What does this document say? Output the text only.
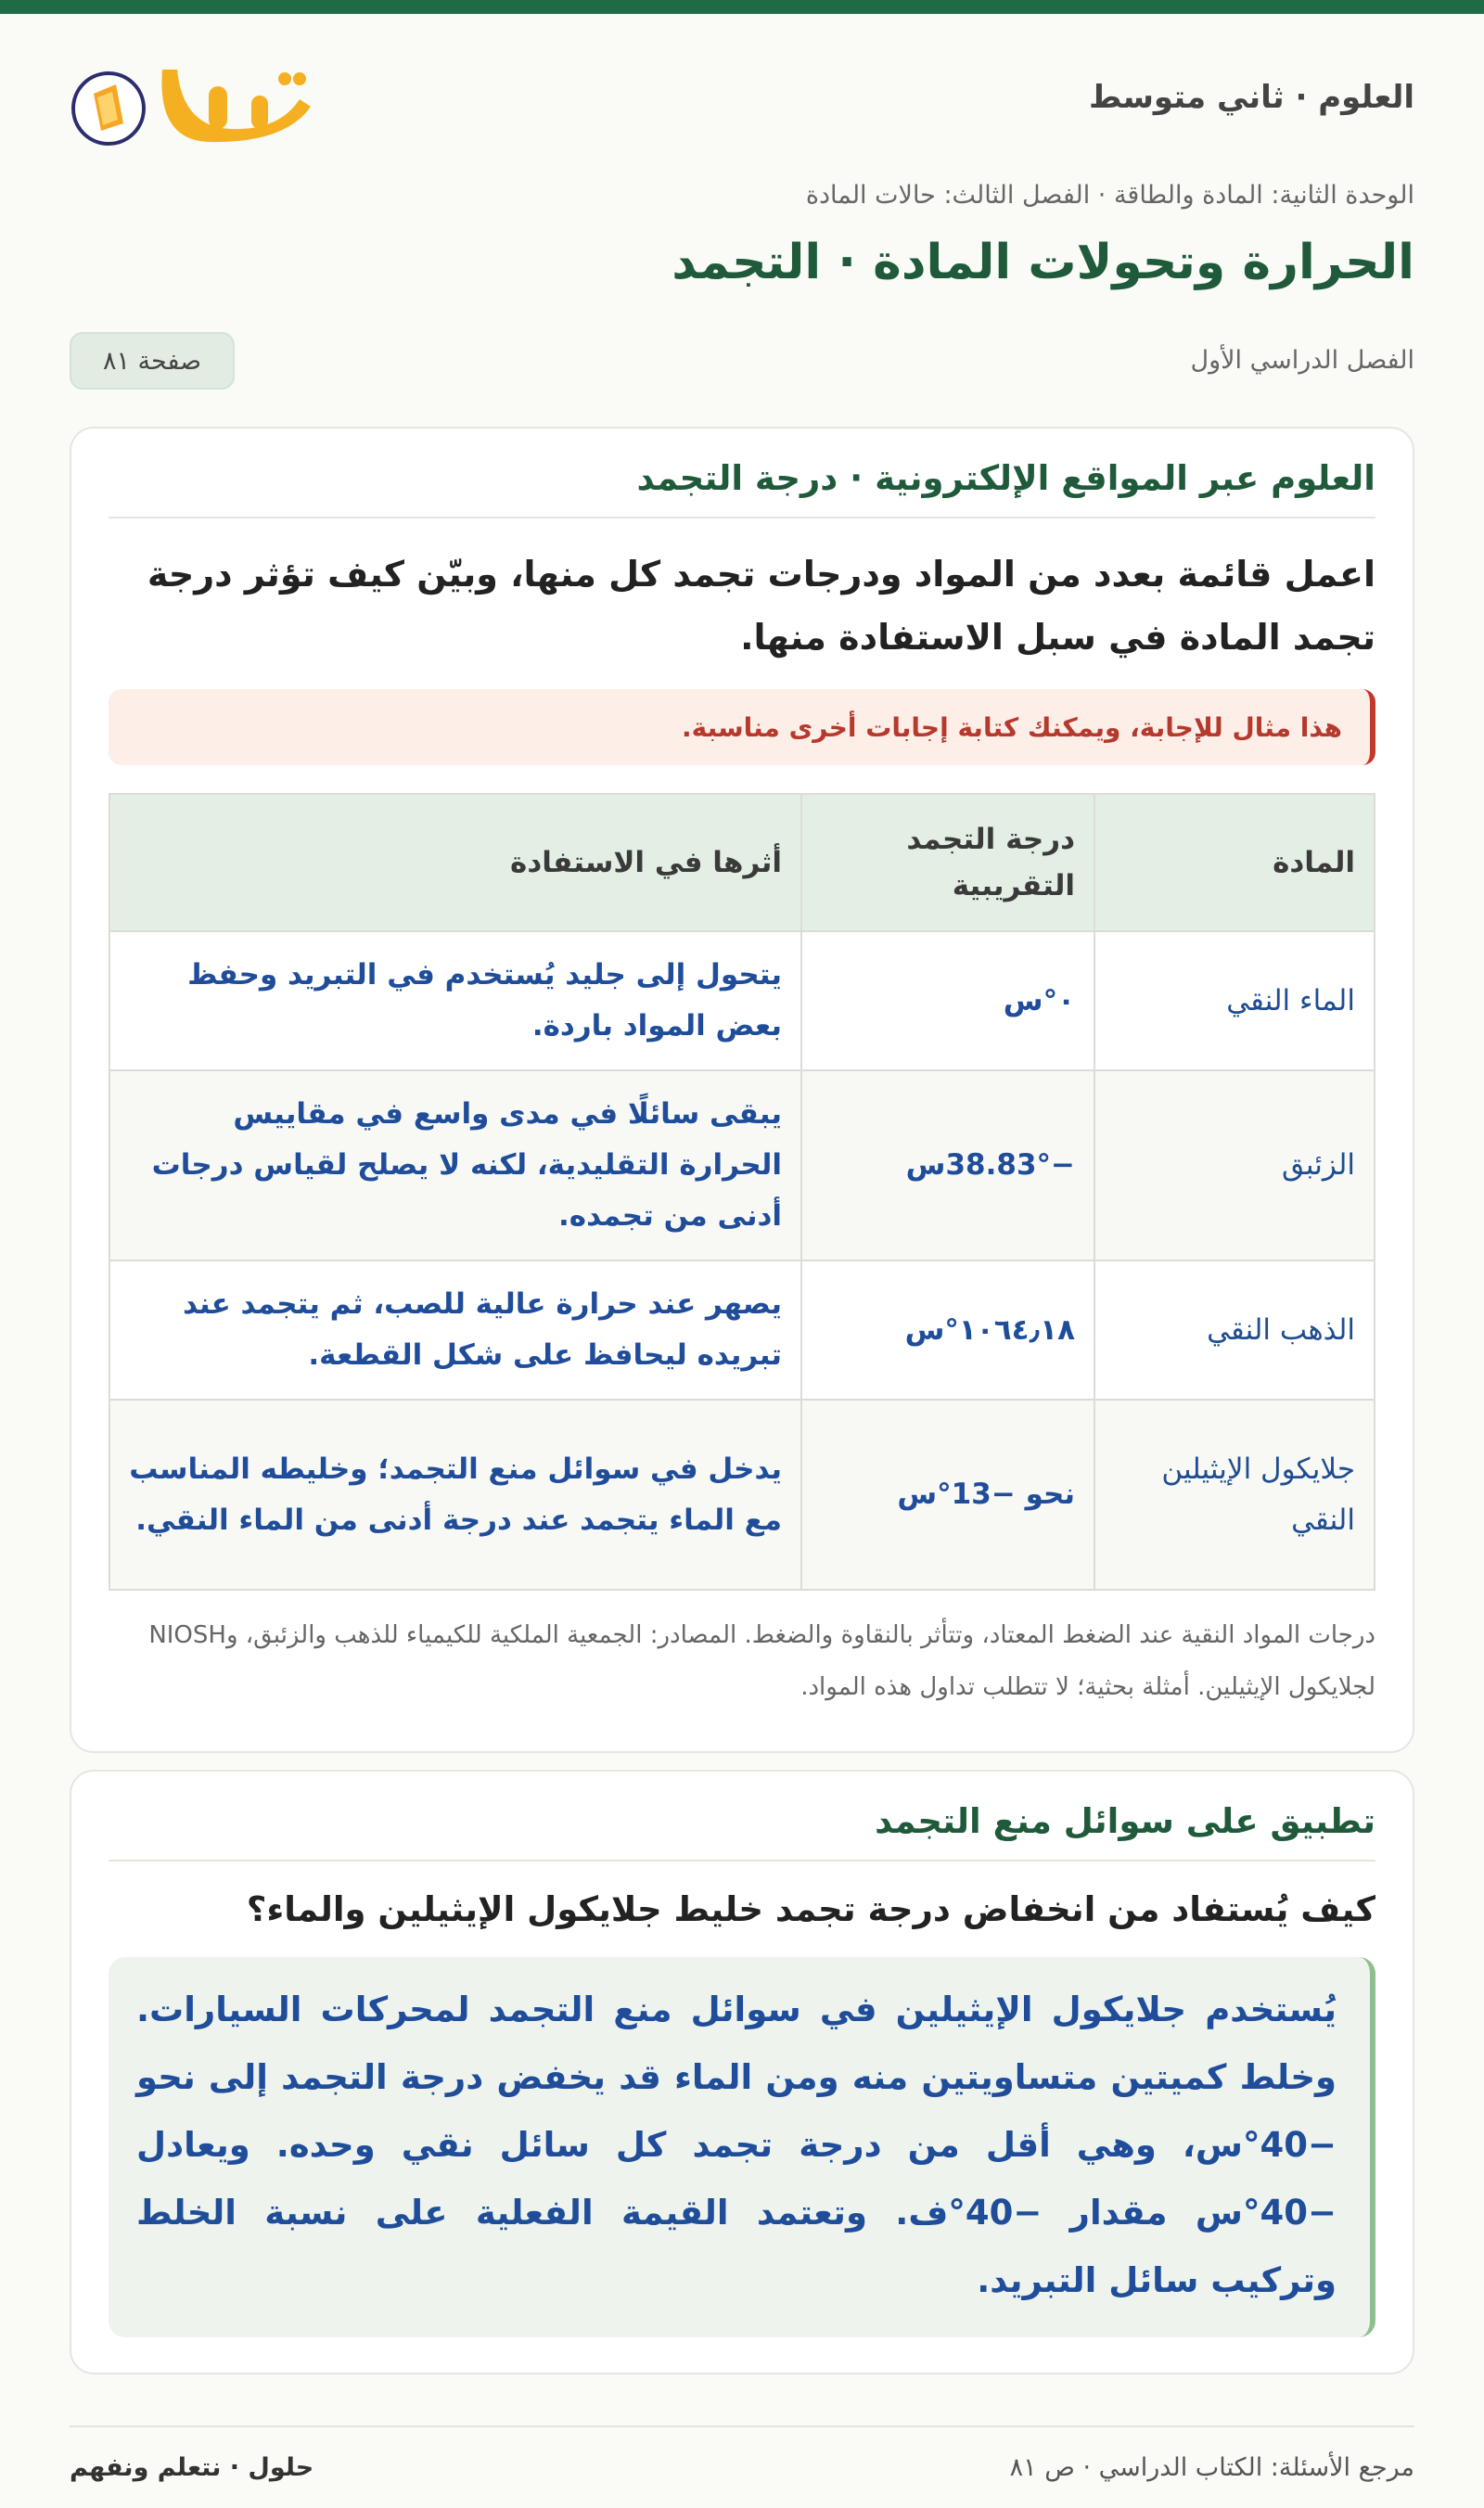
العلوم · ثاني متوسط
الوحدة الثانية: المادة والطاقة · الفصل الثالث: حالات المادة
الحرارة وتحولات المادة · التجمد
الفصل الدراسي الأول
صفحة ٨١
العلوم عبر المواقع الإلكترونية · درجة التجمد
اعمل قائمة بعدد من المواد ودرجات تجمد كل منها، وبيّن كيف تؤثر درجة تجمد المادة في سبل الاستفادة منها.
هذا مثال للإجابة، ويمكنك كتابة إجابات أخرى مناسبة.
المادة	درجة التجمد التقريبية	أثرها في الاستفادة
الماء النقي	٠°س	يتحول إلى جليد يُستخدم في التبريد وحفظ بعض المواد باردة.
الزئبق	−38.83°س	يبقى سائلًا في مدى واسع في مقاييس الحرارة التقليدية، لكنه لا يصلح لقياس درجات أدنى من تجمده.
الذهب النقي	١٠٦٤٫١٨°س	يصهر عند حرارة عالية للصب، ثم يتجمد عند تبريده ليحافظ على شكل القطعة.
جلايكول الإيثيلين النقي	نحو −13°س	يدخل في سوائل منع التجمد؛ وخليطه المناسب مع الماء يتجمد عند درجة أدنى من الماء النقي.
درجات المواد النقية عند الضغط المعتاد، وتتأثر بالنقاوة والضغط. المصادر: الجمعية الملكية للكيمياء للذهب والزئبق، وNIOSH لجلايكول الإيثيلين. أمثلة بحثية؛ لا تتطلب تداول هذه المواد.
تطبيق على سوائل منع التجمد
كيف يُستفاد من انخفاض درجة تجمد خليط جلايكول الإيثيلين والماء؟
يُستخدم جلايكول الإيثيلين في سوائل منع التجمد لمحركات السيارات. وخلط كميتين متساويتين منه ومن الماء قد يخفض درجة التجمد إلى نحو −40°س، وهي أقل من درجة تجمد كل سائل نقي وحده. ويعادل −40°س مقدار −40°ف. وتعتمد القيمة الفعلية على نسبة الخلط وتركيب سائل التبريد.
مرجع الأسئلة: الكتاب الدراسي · ص ٨١
حلول · نتعلم ونفهم
